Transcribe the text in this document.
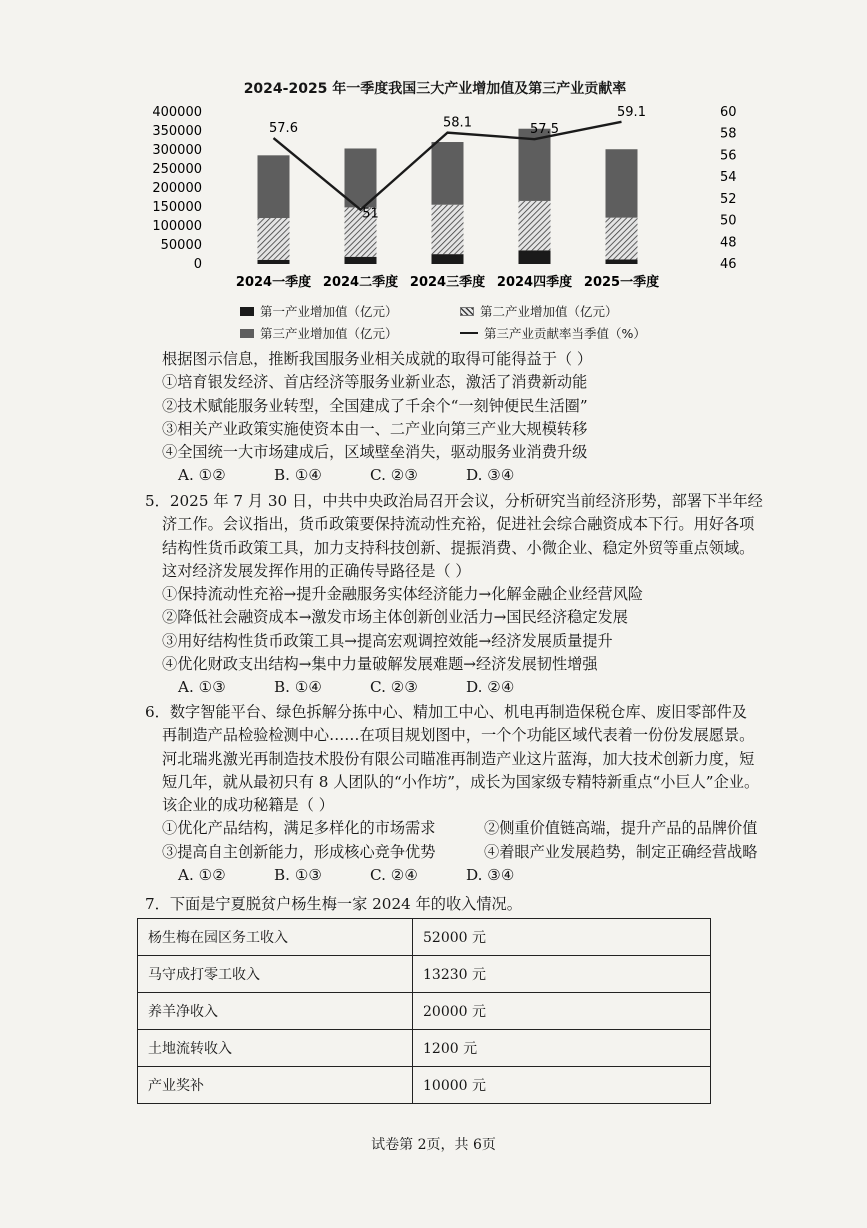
2024-2025 年一季度我国三大产业增加值及第三产业贡献率
400000
350000
300000
250000
200000
150000
100000
50000
0
60
58
56
54
52
50
48
46
2024一季度 2024二季度 2024三季度 2024四季度 2025一季度
57.6
51
58.1	57.5
59.1
第一产业增加值（亿元）	第二产业增加值（亿元）
第三产业增加值（亿元）	第三产业贡献率当季值（%）
根据图示信息，推断我国服务业相关成就的取得可能得益于（ ）
①培育银发经济、首店经济等服务业新业态，激活了消费新动能
②技术赋能服务业转型，全国建成了千余个“一刻钟便民生活圈”
③相关产业政策实施使资本由一、二产业向第三产业大规模转移
④全国统一大市场建成后，区域壁垒消失，驱动服务业消费升级
A. ①②	B. ①④	C. ②③	D. ③④
5．2025 年 7 月 30 日，中共中央政治局召开会议，分析研究当前经济形势，部署下半年经
济工作。会议指出，货币政策要保持流动性充裕，促进社会综合融资成本下行。用好各项
结构性货币政策工具，加力支持科技创新、提振消费、小微企业、稳定外贸等重点领域。
这对经济发展发挥作用的正确传导路径是（ ）
①保持流动性充裕→提升金融服务实体经济能力→化解金融企业经营风险
②降低社会融资成本→激发市场主体创新创业活力→国民经济稳定发展
③用好结构性货币政策工具→提高宏观调控效能→经济发展质量提升
④优化财政支出结构→集中力量破解发展难题→经济发展韧性增强
A. ①③	B. ①④	C. ②③	D. ②④
6．数字智能平台、绿色拆解分拣中心、精加工中心、机电再制造保税仓库、废旧零部件及
再制造产品检验检测中心……在项目规划图中，一个个功能区域代表着一份份发展愿景。
河北瑞兆激光再制造技术股份有限公司瞄准再制造产业这片蓝海，加大技术创新力度，短
短几年，就从最初只有 8 人团队的“小作坊”，成长为国家级专精特新重点“小巨人”企业。
该企业的成功秘籍是（ ）
①优化产品结构，满足多样化的市场需求	②侧重价值链高端，提升产品的品牌价值
③提高自主创新能力，形成核心竞争优势	④着眼产业发展趋势，制定正确经营战略
A. ①②	B. ①③	C. ②④	D. ③④
7．下面是宁夏脱贫户杨生梅一家 2024 年的收入情况。
杨生梅在园区务工收入	52000 元
马守成打零工收入	13230 元
养羊净收入	20000 元
土地流转收入	1200 元
产业奖补	10000 元
试卷第 2页，共 6页
